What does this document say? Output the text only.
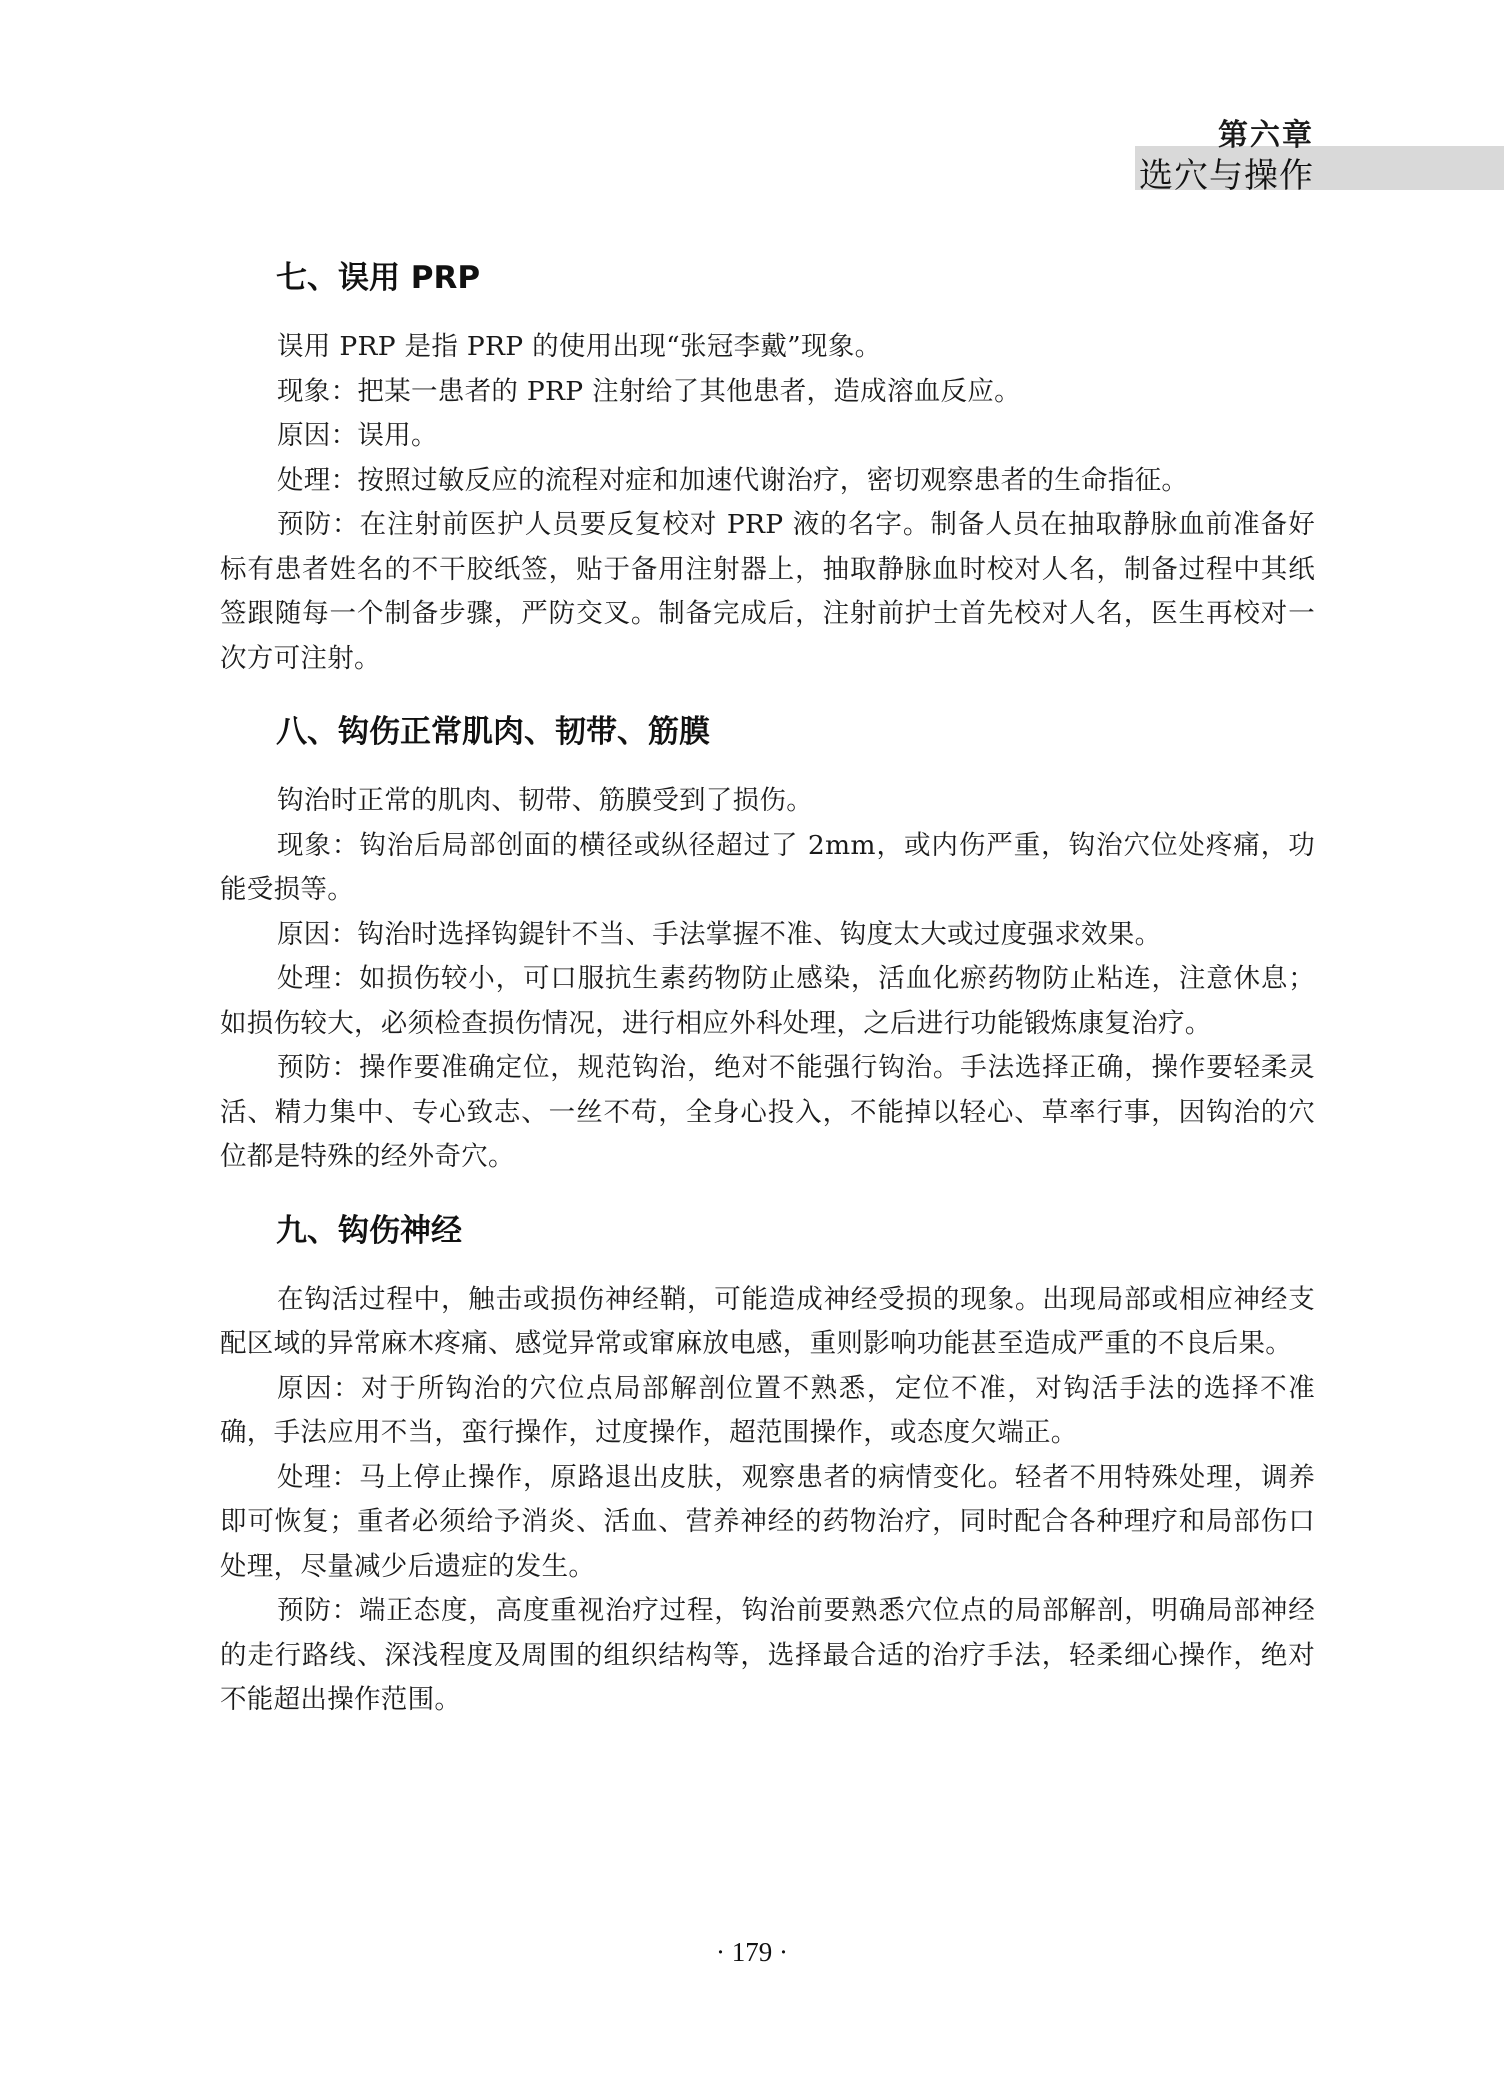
第六章
选穴与操作
七、误用 PRP

误用 PRP 是指 PRP 的使用出现“张冠李戴”现象。

现象：把某一患者的 PRP 注射给了其他患者，造成溶血反应。

原因：误用。

处理：按照过敏反应的流程对症和加速代谢治疗，密切观察患者的生命指征。

预防：在注射前医护人员要反复校对 PRP 液的名字。制备人员在抽取静脉血前准备好标有患者姓名的不干胶纸签，贴于备用注射器上，抽取静脉血时校对人名，制备过程中其纸签跟随每一个制备步骤，严防交叉。制备完成后，注射前护士首先校对人名，医生再校对一次方可注射。

八、钩伤正常肌肉、韧带、筋膜

钩治时正常的肌肉、韧带、筋膜受到了损伤。

现象：钩治后局部创面的横径或纵径超过了 2mm，或内伤严重，钩治穴位处疼痛，功能受损等。

原因：钩治时选择钩鍉针不当、手法掌握不准、钩度太大或过度强求效果。

处理：如损伤较小，可口服抗生素药物防止感染，活血化瘀药物防止粘连，注意休息；如损伤较大，必须检查损伤情况，进行相应外科处理，之后进行功能锻炼康复治疗。

预防：操作要准确定位，规范钩治，绝对不能强行钩治。手法选择正确，操作要轻柔灵活、精力集中、专心致志、一丝不苟，全身心投入，不能掉以轻心、草率行事，因钩治的穴位都是特殊的经外奇穴。

九、钩伤神经

在钩活过程中，触击或损伤神经鞘，可能造成神经受损的现象。出现局部或相应神经支配区域的异常麻木疼痛、感觉异常或窜麻放电感，重则影响功能甚至造成严重的不良后果。

原因：对于所钩治的穴位点局部解剖位置不熟悉，定位不准，对钩活手法的选择不准确，手法应用不当，蛮行操作，过度操作，超范围操作，或态度欠端正。

处理：马上停止操作，原路退出皮肤，观察患者的病情变化。轻者不用特殊处理，调养即可恢复；重者必须给予消炎、活血、营养神经的药物治疗，同时配合各种理疗和局部伤口处理，尽量减少后遗症的发生。

预防：端正态度，高度重视治疗过程，钩治前要熟悉穴位点的局部解剖，明确局部神经的走行路线、深浅程度及周围的组织结构等，选择最合适的治疗手法，轻柔细心操作，绝对不能超出操作范围。

· 179 ·
